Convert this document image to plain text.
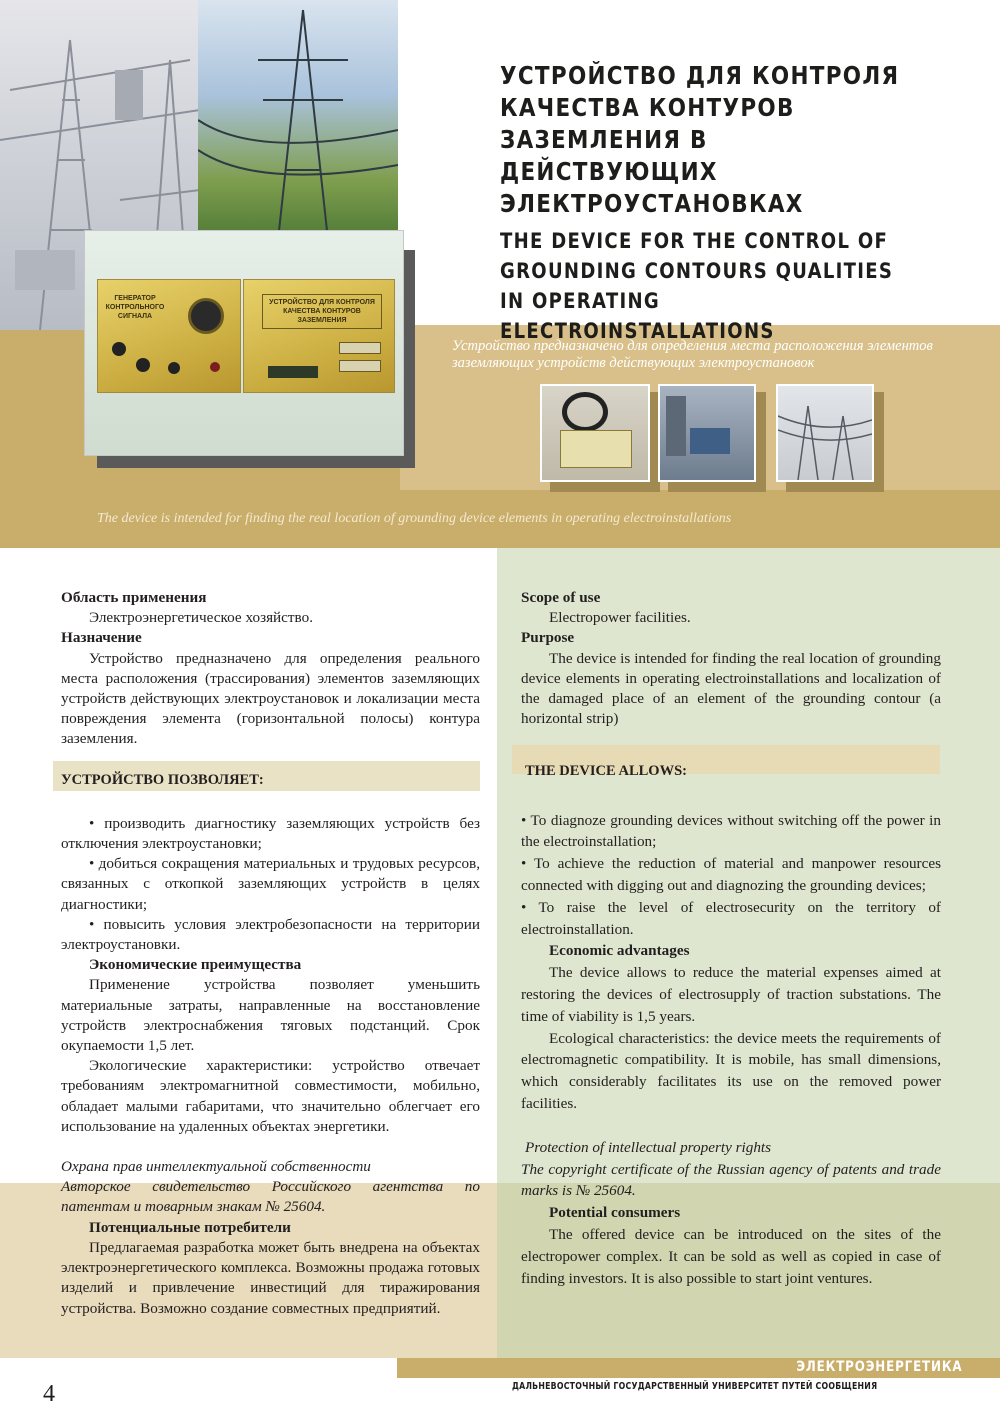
УСТРОЙСТВО ДЛЯ КОНТРОЛЯ КАЧЕСТВА КОНТУРОВ ЗАЗЕМЛЕНИЯ В ДЕЙСТВУЮЩИХ ЭЛЕКТРОУСТАНОВКАХ
THE DEVICE FOR THE CONTROL OF GROUNDING CONTOURS QUALITIES IN OPERATING ELECTROINSTALLATIONS
ГЕНЕРАТОР КОНТРОЛЬНОГО СИГНАЛА
УСТРОЙСТВО ДЛЯ КОНТРОЛЯ КАЧЕСТВА КОНТУРОВ ЗАЗЕМЛЕНИЯ
Устройство предназначено для определения места расположения элементов заземляющих устройств действующих электроустановок
The device is intended for finding the real location of grounding device elements in operating electroinstallations

Область применения

Электроэнергетическое хозяйство.

Назначение

Устройство предназначено для определения реального места расположения (трассирования) элементов заземляющих устройств действующих электроустановок и локализации места повреждения элемента (горизонтальной полосы) контура заземления.

УСТРОЙСТВО ПОЗВОЛЯЕТ:

• производить диагностику заземляющих устройств без отключения электроустановки;

• добиться сокращения материальных и трудовых ресурсов, связанных с откопкой заземляющих устройств в целях диагностики;

• повысить условия электробезопасности на территории электроустановки.

Экономические преимущества

Применение устройства позволяет уменьшить материальные затраты, направленные на восстановление устройств электроснабжения тяговых подстанций. Срок окупаемости 1,5 лет.

Экологические характеристики: устройство отвечает требованиям электромагнитной совместимости, мобильно, обладает малыми габаритами, что значительно облегчает его использование на удаленных объектах энергетики.

Охрана прав интеллектуальной собственности

Авторское свидетельство Российского агентства по патентам и товарным знакам № 25604.

Потенциальные потребители

Предлагаемая разработка может быть внедрена на объектах электроэнергетического комплекса. Возможны продажа готовых изделий и привлечение инвестиций для тиражирования устройства. Возможно создание совместных предприятий.

Scope of use

Electropower facilities.

Purpose

The device is intended for finding the real location of grounding device elements in operating electroinstallations and localization of the damaged place of an element of the grounding contour (a horizontal strip)

THE DEVICE ALLOWS:

• To diagnoze grounding devices without switching off the power in the electroinstallation;

• To achieve the reduction of material and manpower resources connected with digging out and diagnozing the grounding devices;

• To raise the level of electrosecurity on the territory of electroinstallation.

Economic advantages

The device allows to reduce the material expenses aimed at restoring the devices of electrosupply of traction substations. The time of viability is 1,5 years.

Ecological characteristics: the device meets the requirements of electromagnetic compatibility. It is mobile, has small dimensions, which considerably facilitates its use on the removed power facilities.

Protection of intellectual property rights

The copyright certificate of the Russian agency of patents and trade marks is № 25604.

Potential consumers

The offered device can be introduced on the sites of the electropower complex. It can be sold as well as copied in case of finding investors. It is also possible to start joint ventures.

ЭЛЕКТРОЭНЕРГЕТИКА
ДАЛЬНЕВОСТОЧНЫЙ ГОСУДАРСТВЕННЫЙ УНИВЕРСИТЕТ ПУТЕЙ СООБЩЕНИЯ
4
